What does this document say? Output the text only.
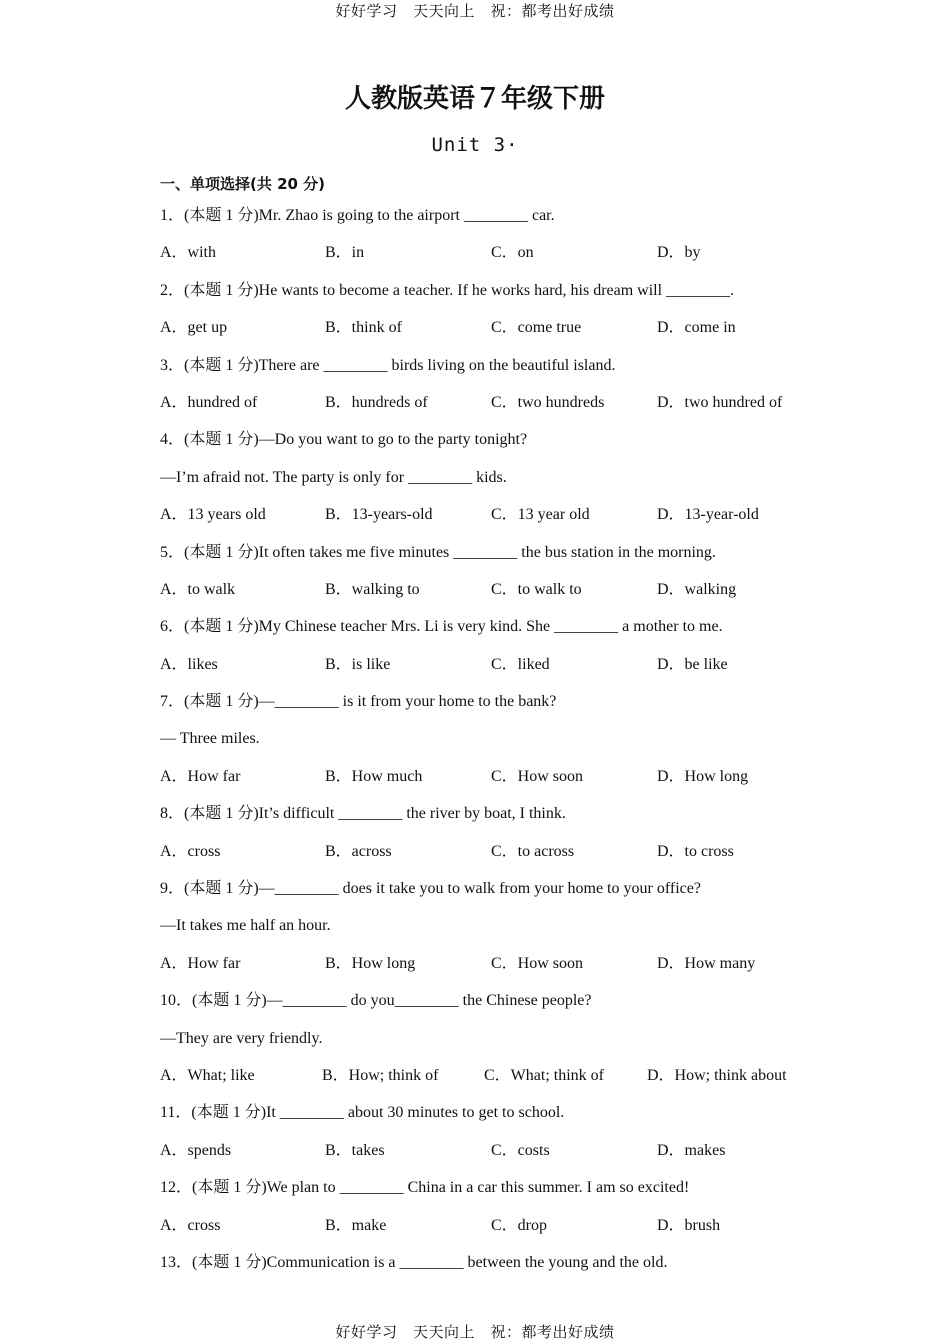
好好学习　天天向上　祝：都考出好成绩
人教版英语７年级下册
Unit 3·
一、单项选择(共 20 分)
1．(本题 1 分)Mr. Zhao is going to the airport ________ car.
A．with	B．in	C．on	D．by
2．(本题 1 分)He wants to become a teacher. If he works hard, his dream will ________.
A．get up	B．think of	C．come true	D．come in
3．(本题 1 分)There are ________ birds living on the beautiful island.
A．hundred of	B．hundreds of	C．two hundreds	D．two hundred of
4．(本题 1 分)—Do you want to go to the party tonight?
—I’m afraid not. The party is only for ________ kids.
A．13 years old	B．13-years-old	C．13 year old	D．13-year-old
5．(本题 1 分)It often takes me five minutes ________ the bus station in the morning.
A．to walk	B．walking to	C．to walk to	D．walking
6．(本题 1 分)My Chinese teacher Mrs. Li is very kind. She ________ a mother to me.
A．likes	B．is like	C．liked	D．be like
7．(本题 1 分)—________ is it from your home to the bank?
— Three miles.
A．How far	B．How much	C．How soon	D．How long
8．(本题 1 分)It’s difficult ________ the river by boat, I think.
A．cross	B．across	C．to across	D．to cross
9．(本题 1 分)—________ does it take you to walk from your home to your office?
—It takes me half an hour.
A．How far	B．How long	C．How soon	D．How many
10．(本题 1 分)—________ do you________ the Chinese people?
—They are very friendly.
A．What; like	B．How; think of	C．What; think of	D．How; think about
11．(本题 1 分)It ________ about 30 minutes to get to school.
A．spends	B．takes	C．costs	D．makes
12．(本题 1 分)We plan to ________ China in a car this summer. I am so excited!
A．cross	B．make	C．drop	D．brush
13．(本题 1 分)Communication is a ________ between the young and the old.
好好学习　天天向上　祝：都考出好成绩
